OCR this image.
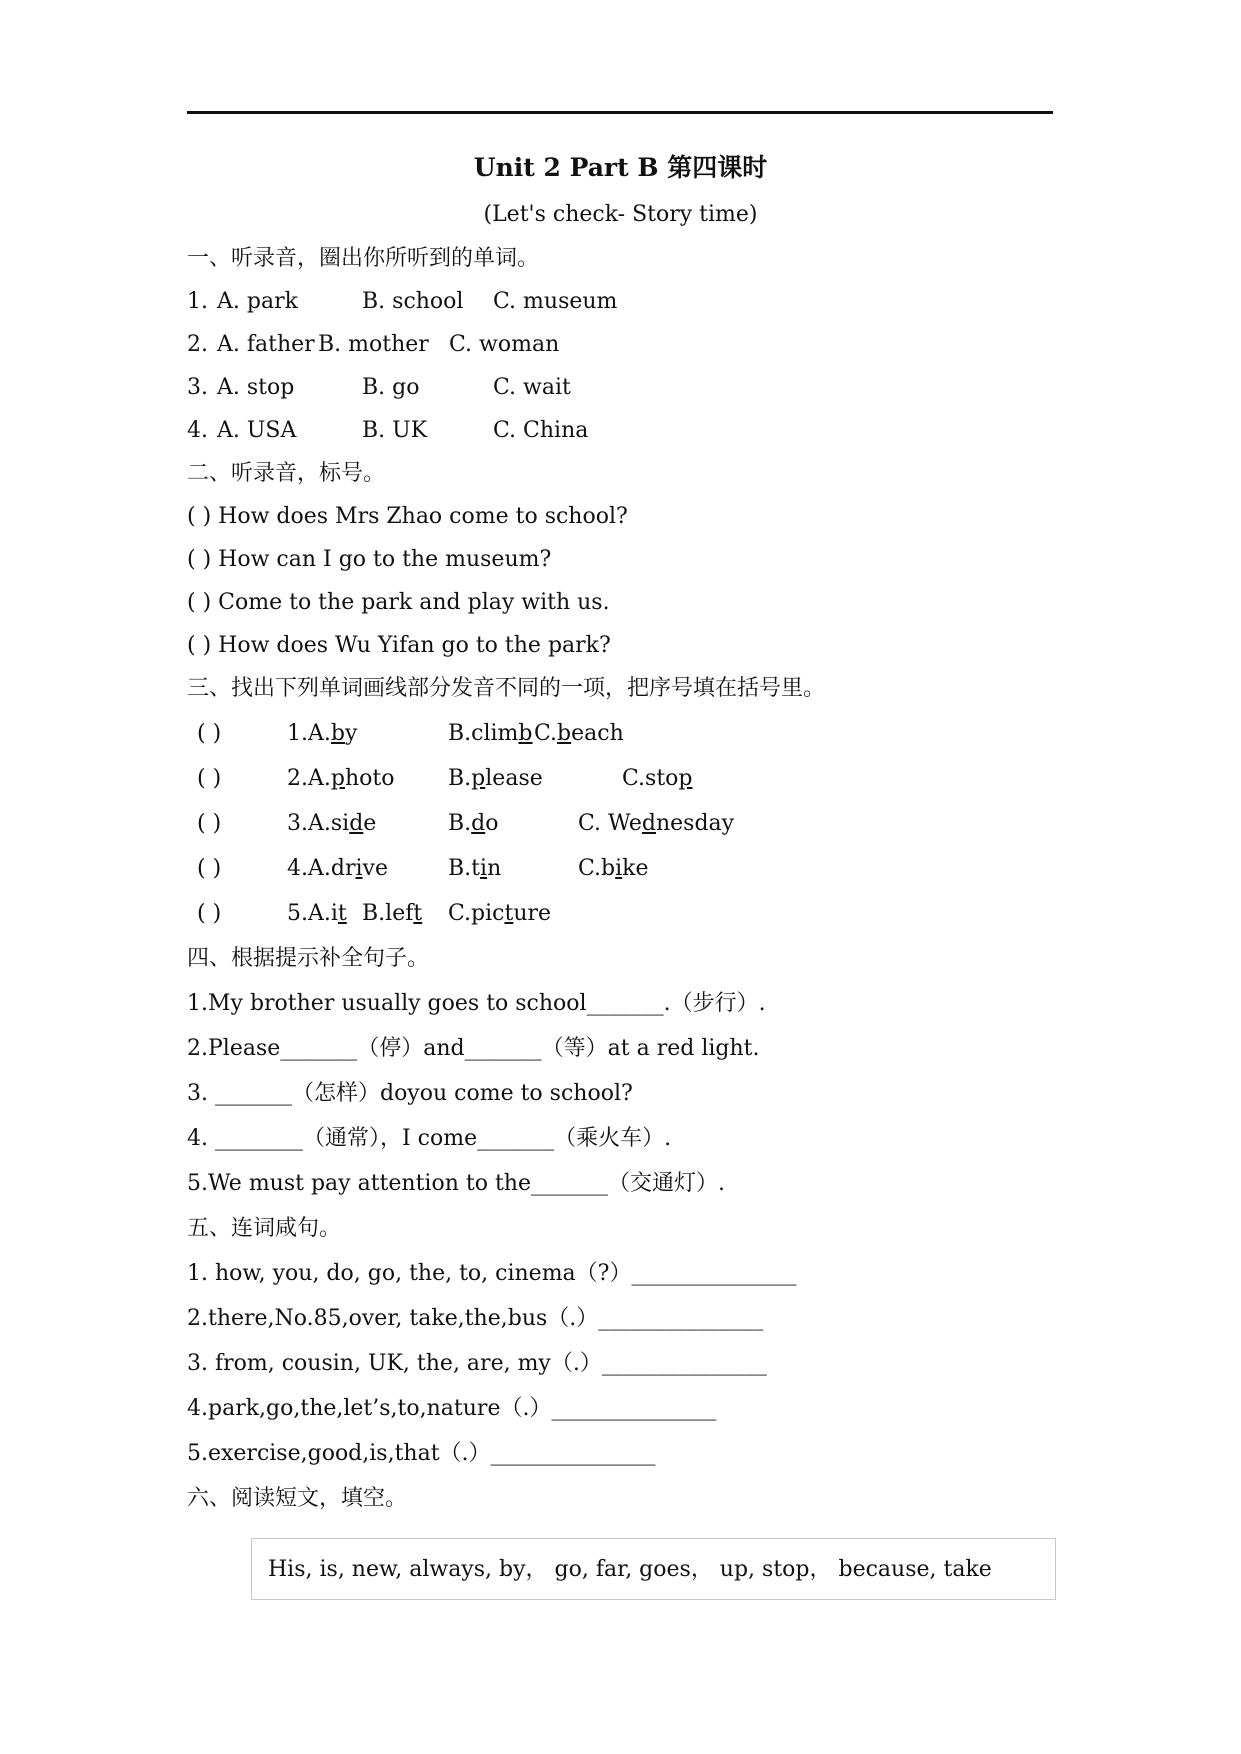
Unit 2 Part B 第四课时
(Let's check- Story time)
一、听录音，圈出你所听到的单词。
1. A. park	B. school C. museum
2. A. father B. mother C. woman
3. A. stop	B. go	C. wait
4. A. USA	B. UK	C. China
二、听录音，标号。
( ) How does Mrs Zhao come to school?
( ) How can I go to the museum?
( ) Come to the park and play with us.
( ) How does Wu Yifan go to the park?
三、找出下列单词画线部分发音不同的一项，把序号填在括号里。
( )	1.A.by	B.climb C.beach
( )	2.A.photo B.please	C.stop
( )	3.A.side	B.do	C. Wednesday
( )	4.A.drive	B.tin	C.bike
( )	5.A.it B.left C.picture
四、根据提示补全句子。
1.My brother usually goes to school_______.（步行）.
2.Please_______（停）and_______（等）at a red light.
3. _______（怎样）doyou come to school?
4. ________（通常），I come_______（乘火车）.
5.We must pay attention to the_______（交通灯）.
五、连词咸句。
1. how, you, do, go, the, to, cinema（?）_______________
2.there,No.85,over, take,the,bus（.）_______________
3. from, cousin, UK, the, are, my（.）_______________
4.park,go,the,let’s,to,nature（.）_______________
5.exercise,good,is,that（.）_______________
六、阅读短文，填空。
His, is, new, always, by， go, far, goes， up, stop， because, take
